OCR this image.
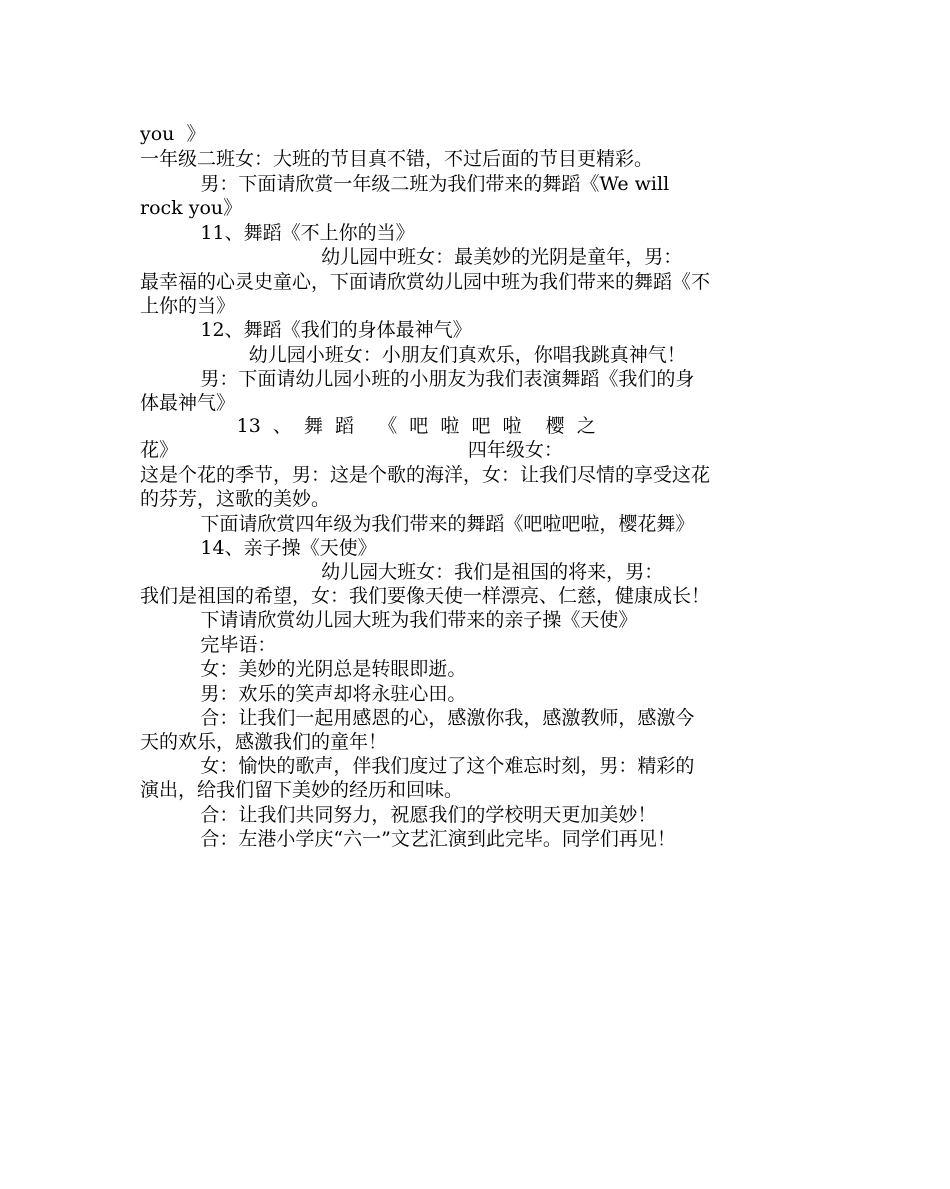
you  》
一年级二班女：大班的节目真不错，不过后面的节目更精彩。
男：下面请欣赏一年级二班为我们带来的舞蹈《We will
rock you》
11、舞蹈《不上你的当》
幼儿园中班女：最美妙的光阴是童年，男：
最幸福的心灵史童心，下面请欣赏幼儿园中班为我们带来的舞蹈《不
上你的当》
12、舞蹈《我们的身体最神气》
幼儿园小班女：小朋友们真欢乐，你唱我跳真神气！
男：下面请幼儿园小班的小朋友为我们表演舞蹈《我们的身
体最神气》
13  、  舞  蹈    《  吧  啦  吧  啦    樱  之
花》                                                四年级女：
这是个花的季节，男：这是个歌的海洋，女：让我们尽情的享受这花
的芬芳，这歌的美妙。
下面请欣赏四年级为我们带来的舞蹈《吧啦吧啦，樱花舞》
14、亲子操《天使》
幼儿园大班女：我们是祖国的将来，男：
我们是祖国的希望，女：我们要像天使一样漂亮、仁慈，健康成长！
下请请欣赏幼儿园大班为我们带来的亲子操《天使》
完毕语：
女：美妙的光阴总是转眼即逝。
男：欢乐的笑声却将永驻心田。
合：让我们一起用感恩的心，感激你我，感激教师，感激今
天的欢乐，感激我们的童年！
女：愉快的歌声，伴我们度过了这个难忘时刻，男：精彩的
演出，给我们留下美妙的经历和回味。
合：让我们共同努力，祝愿我们的学校明天更加美妙！
合：左港小学庆“六一”文艺汇演到此完毕。同学们再见！
